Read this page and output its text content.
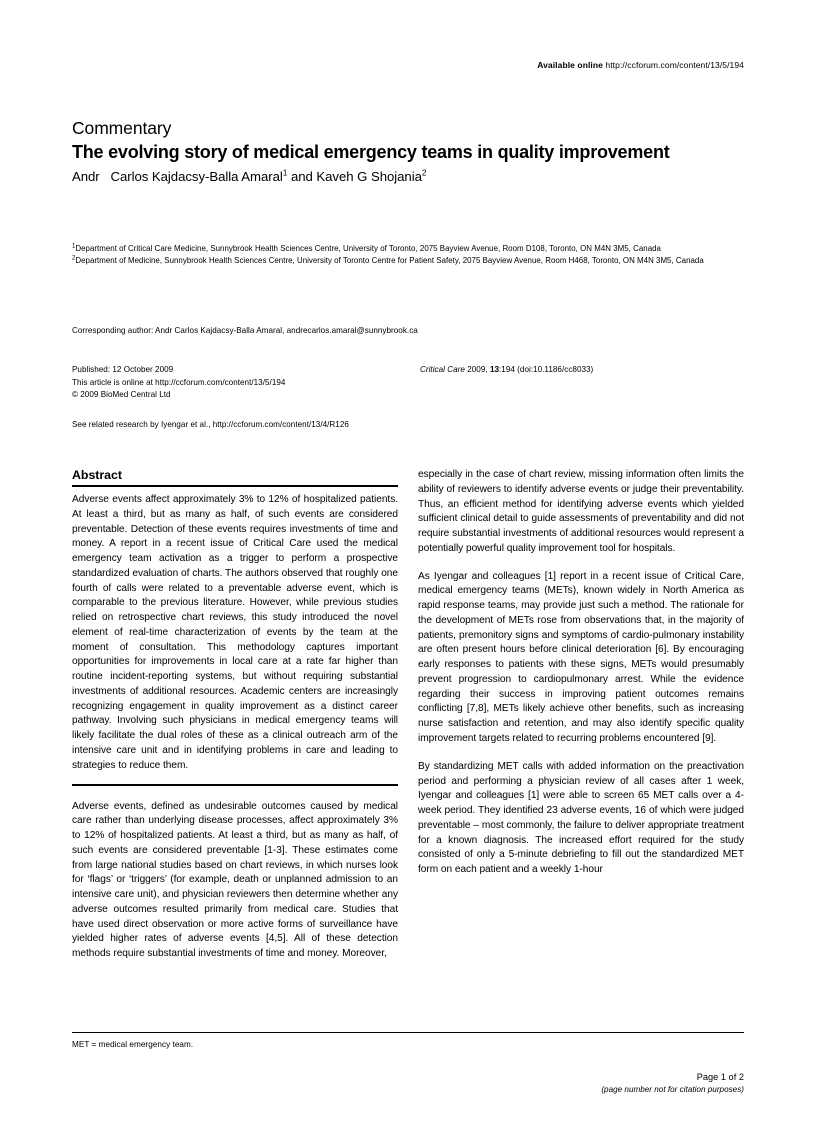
Available online http://ccforum.com/content/13/5/194
Commentary
The evolving story of medical emergency teams in quality improvement
Andr   Carlos Kajdacsy-Balla Amaral$^1$ and Kaveh G Shojania$^2$

$^1$Department of Critical Care Medicine, Sunnybrook Health Sciences Centre, University of Toronto, 2075 Bayview Avenue, Room D108, Toronto, ON M4N 3M5, Canada

$^2$Department of Medicine, Sunnybrook Health Sciences Centre, University of Toronto Centre for Patient Safety, 2075 Bayview Avenue, Room H468, Toronto, ON M4N 3M5, Canada

Corresponding author: Andr Carlos Kajdacsy-Balla Amaral, andrecarlos.amaral@sunnybrook.ca

Published: 12 October 2009

This article is online at http://ccforum.com/content/13/5/194

© 2009 BioMed Central Ltd

Critical Care 2009, 13:194 (doi:10.1186/cc8033)
See related research by Iyengar et al., http://ccforum.com/content/13/4/R126
Abstract

Adverse events affect approximately 3% to 12% of hospitalized patients. At least a third, but as many as half, of such events are considered preventable. Detection of these events requires investments of time and money. A report in a recent issue of Critical Care used the medical emergency team activation as a trigger to perform a prospective standardized evaluation of charts. The authors observed that roughly one fourth of calls were related to a preventable adverse event, which is comparable to the previous literature. However, while previous studies relied on retrospective chart reviews, this study introduced the novel element of real-time characterization of events by the team at the moment of consultation. This methodology captures important opportunities for improvements in local care at a rate far higher than routine incident-reporting systems, but without requiring substantial investments of additional resources. Academic centers are increasingly recognizing engagement in quality improvement as a distinct career pathway. Involving such physicians in medical emergency teams will likely facilitate the dual roles of these as a clinical outreach arm of the intensive care unit and in identifying problems in care and leading to strategies to reduce them.

Adverse events, defined as undesirable outcomes caused by medical care rather than underlying disease processes, affect approximately 3% to 12% of hospitalized patients. At least a third, but as many as half, of such events are considered preventable [1-3]. These estimates come from large national studies based on chart reviews, in which nurses look for ‘flags’ or ‘triggers’ (for example, death or unplanned admission to an intensive care unit), and physician reviewers then determine whether any adverse outcomes resulted primarily from medical care. Studies that have used direct observation or more active forms of surveillance have yielded higher rates of adverse events [4,5]. All of these detection methods require substantial investments of time and money. Moreover,

especially in the case of chart review, missing information often limits the ability of reviewers to identify adverse events or judge their preventability. Thus, an efficient method for identifying adverse events which yielded sufficient clinical detail to guide assessments of preventability and did not require substantial investments of additional resources would represent a potentially powerful quality improvement tool for hospitals.

As Iyengar and colleagues [1] report in a recent issue of Critical Care, medical emergency teams (METs), known widely in North America as rapid response teams, may provide just such a method. The rationale for the development of METs rose from observations that, in the majority of patients, premonitory signs and symptoms of cardio-pulmonary instability are often present hours before clinical deterioration [6]. By encouraging early responses to patients with these signs, METs would presumably prevent progression to cardiopulmonary arrest. While the evidence regarding their success in improving patient outcomes remains conflicting [7,8], METs likely achieve other benefits, such as increasing nurse satisfaction and retention, and may also identify specific quality improvement targets related to recurring problems encountered [9].

By standardizing MET calls with added information on the preactivation period and performing a physician review of all cases after 1 week, Iyengar and colleagues [1] were able to screen 65 MET calls over a 4-week period. They identified 23 adverse events, 16 of which were judged preventable – most commonly, the failure to deliver appropriate treatment for a known diagnosis. The increased effort required for the study consisted of only a 5-minute debriefing to fill out the standardized MET form on each patient and a weekly 1-hour

MET = medical emergency team.

Page 1 of 2

(page number not for citation purposes)
